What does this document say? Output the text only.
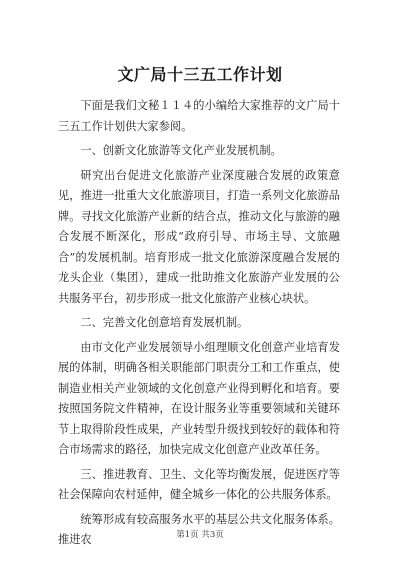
文广局十三五工作计划

下面是我们文秘１１４的小编给大家推荐的文广局十三五工作计划供大家参阅。

一、创新文化旅游等文化产业发展机制。

研究出台促进文化旅游产业深度融合发展的政策意见，推进一批重大文化旅游项目，打造一系列文化旅游品牌。寻找文化旅游产业新的结合点，推动文化与旅游的融合发展不断深化，形成“政府引导、市场主导、文旅融合”的发展机制。培育形成一批文化旅游深度融合发展的龙头企业（集团），建成一批助推文化旅游产业发展的公共服务平台，初步形成一批文化旅游产业核心块状。

二、完善文化创意培育发展机制。

由市文化产业发展领导小组理顺文化创意产业培育发展的体制，明确各相关职能部门职责分工和工作重点，使制造业相关产业领域的文化创意产业得到孵化和培育。要按照国务院文件精神，在设计服务业等重要领域和关键环节上取得阶段性成果，产业转型升级找到较好的载体和符合市场需求的路径，加快完成文化创意产业改革任务。

三、推进教育、卫生、文化等均衡发展，促进医疗等社会保障向农村延伸，健全城乡一体化的公共服务体系。

统筹形成有较高服务水平的基层公共文化服务体系。推进农	第1页 共3页
